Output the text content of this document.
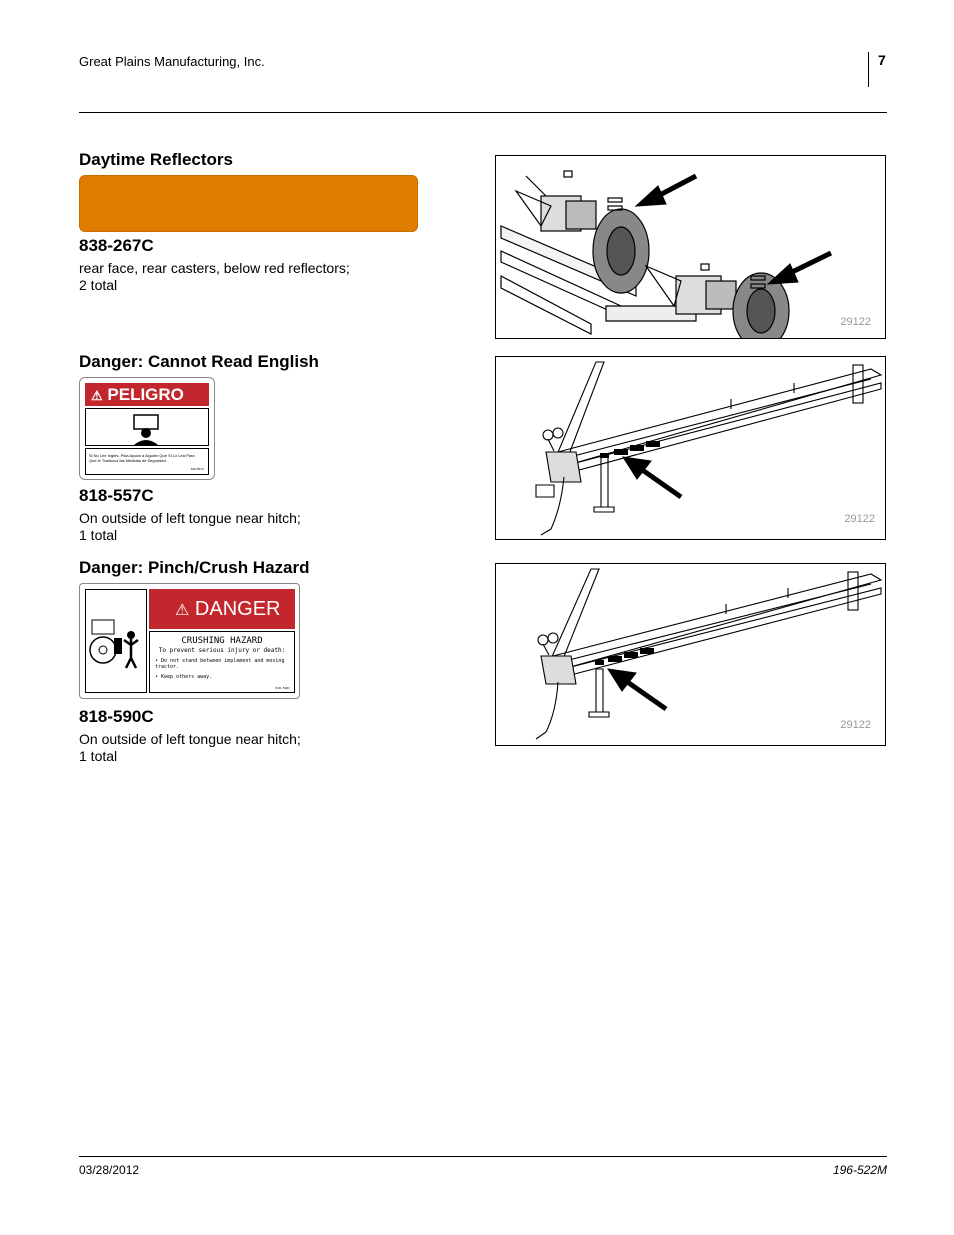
Great Plains Manufacturing, Inc.	7
Daytime Reflectors
838-267C
rear face, rear casters, below red reflectors;
2 total
29122
Danger: Cannot Read English
⚠ PELIGRO
Si No Lee Inglés, Pida Ayuda a Alguien Que Si Lo Lea Para
Que le Traduzca las Medidas de Seguridad.
818-557C
818-557C
On outside of left tongue near hitch;
1 total
29122
Danger: Pinch/Crush Hazard
⚠ DANGER
CRUSHING HAZARD
To prevent serious injury or death:
• Do not stand between implement and moving tractor.
• Keep others away.
818-590C
818-590C
On outside of left tongue near hitch;
1 total
29122
03/28/2012	196-522M
